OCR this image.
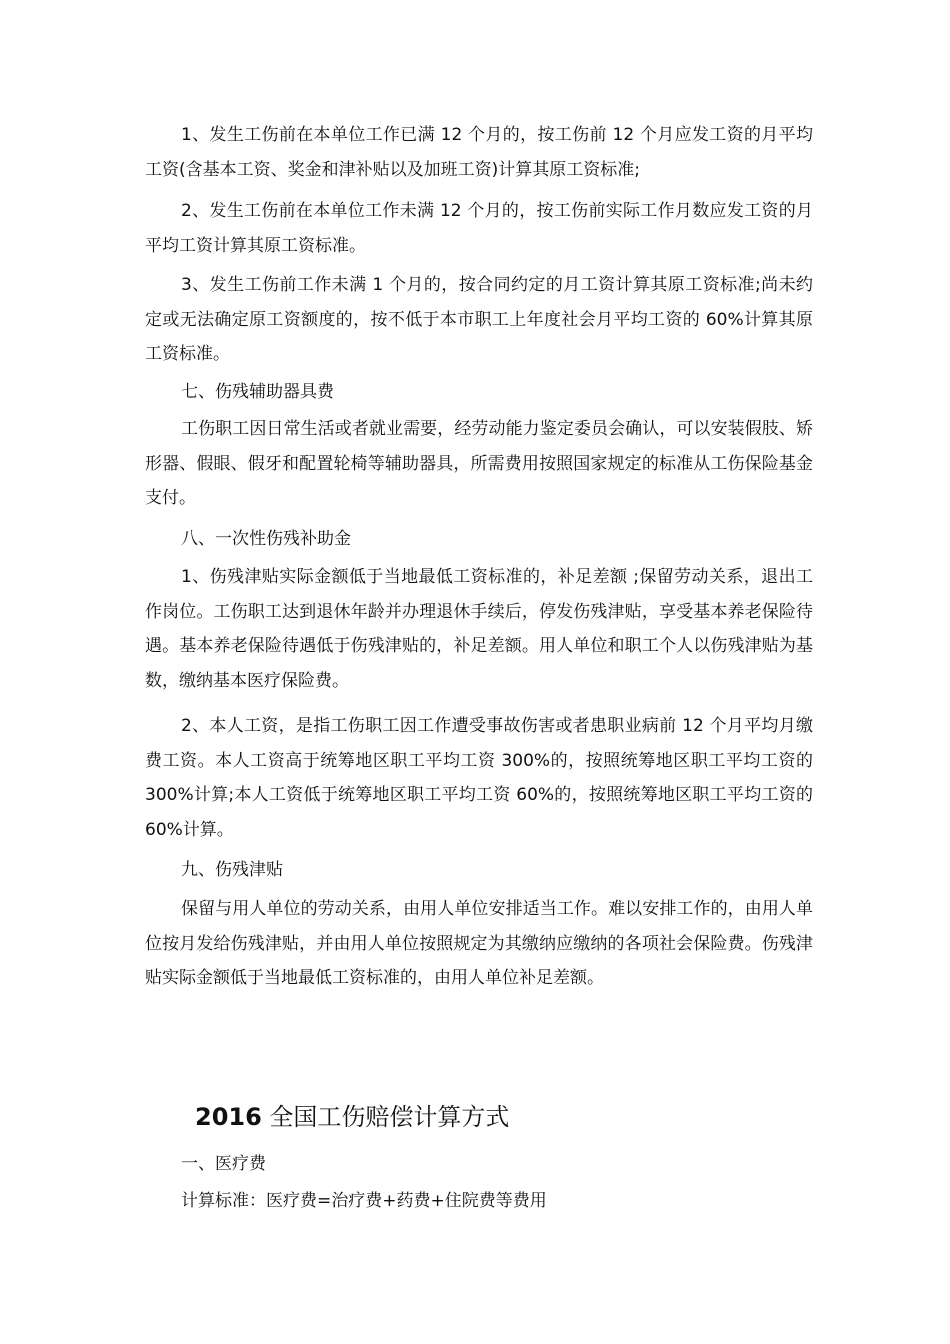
1、发生工伤前在本单位工作已满 12 个月的，按工伤前 12 个月应发工资的月平均工资(含基本工资、奖金和津补贴以及加班工资)计算其原工资标准;

2、发生工伤前在本单位工作未满 12 个月的，按工伤前实际工作月数应发工资的月平均工资计算其原工资标准。

3、发生工伤前工作未满 1 个月的，按合同约定的月工资计算其原工资标准;尚未约定或无法确定原工资额度的，按不低于本市职工上年度社会月平均工资的 60%计算其原工资标准。

七、伤残辅助器具费

工伤职工因日常生活或者就业需要，经劳动能力鉴定委员会确认，可以安装假肢、矫形器、假眼、假牙和配置轮椅等辅助器具，所需费用按照国家规定的标准从工伤保险基金支付。

八、一次性伤残补助金

1、伤残津贴实际金额低于当地最低工资标准的，补足差额 ;保留劳动关系，退出工作岗位。工伤职工达到退休年龄并办理退休手续后，停发伤残津贴，享受基本养老保险待遇。基本养老保险待遇低于伤残津贴的，补足差额。用人单位和职工个人以伤残津贴为基数，缴纳基本医疗保险费。

2、本人工资，是指工伤职工因工作遭受事故伤害或者患职业病前 12 个月平均月缴费工资。本人工资高于统筹地区职工平均工资 300%的，按照统筹地区职工平均工资的 300%计算;本人工资低于统筹地区职工平均工资 60%的，按照统筹地区职工平均工资的 60%计算。

九、伤残津贴

保留与用人单位的劳动关系，由用人单位安排适当工作。难以安排工作的，由用人单位按月发给伤残津贴，并由用人单位按照规定为其缴纳应缴纳的各项社会保险费。伤残津贴实际金额低于当地最低工资标准的，由用人单位补足差额。

2016 全国工伤赔偿计算方式

一、医疗费

计算标准：医疗费=治疗费+药费+住院费等费用
